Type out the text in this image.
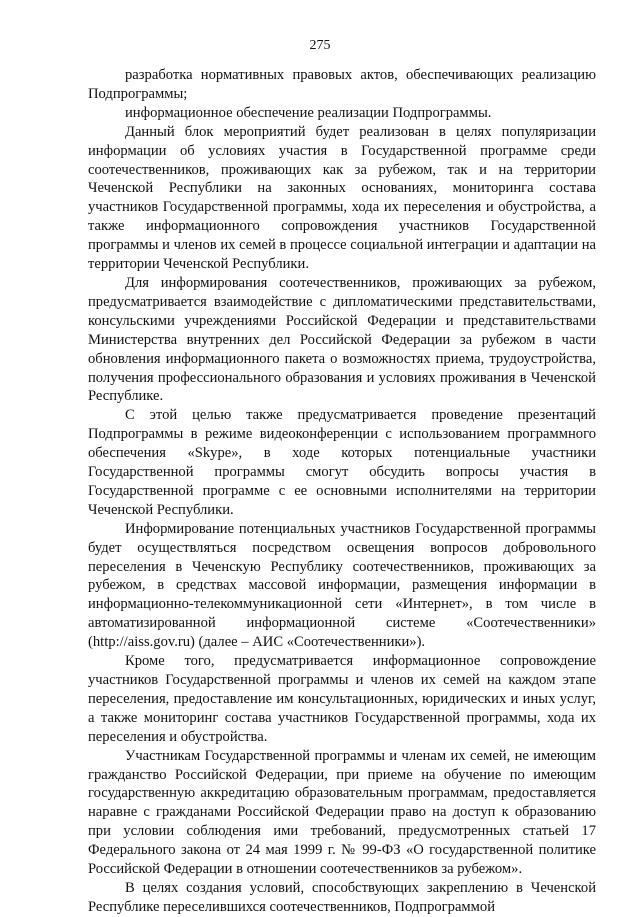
275

разработка нормативных правовых актов, обеспечивающих реализацию Подпрограммы;

информационное обеспечение реализации Подпрограммы.

Данный блок мероприятий будет реализован в целях популяризации информации об условиях участия в Государственной программе среди соотечественников, проживающих как за рубежом, так и на территории Чеченской Республики на законных основаниях, мониторинга состава участников Государственной программы, хода их переселения и обустройства, а также информационного сопровождения участников Государственной программы и членов их семей в процессе социальной интеграции и адаптации на территории Чеченской Республики.

Для информирования соотечественников, проживающих за рубежом, предусматривается взаимодействие с дипломатическими представительствами, консульскими учреждениями Российской Федерации и представительствами Министерства внутренних дел Российской Федерации за рубежом в части обновления информационного пакета о возможностях приема, трудоустройства, получения профессионального образования и условиях проживания в Чеченской Республике.

С этой целью также предусматривается проведение презентаций Подпрограммы в режиме видеоконференции с использованием программного обеспечения «Skype», в ходе которых потенциальные участники Государственной программы смогут обсудить вопросы участия в Государственной программе с ее основными исполнителями на территории Чеченской Республики.

Информирование потенциальных участников Государственной программы будет осуществляться посредством освещения вопросов добровольного переселения в Чеченскую Республику соотечественников, проживающих за рубежом, в средствах массовой информации, размещения информации в информационно-телекоммуникационной сети «Интернет», в том числе в автоматизированной информационной системе «Соотечественники» (http://aiss.gov.ru) (далее – АИС «Соотечественники»).

Кроме того, предусматривается информационное сопровождение участников Государственной программы и членов их семей на каждом этапе переселения, предоставление им консультационных, юридических и иных услуг, а также мониторинг состава участников Государственной программы, хода их переселения и обустройства.

Участникам Государственной программы и членам их семей, не имеющим гражданство Российской Федерации, при приеме на обучение по имеющим государственную аккредитацию образовательным программам, предоставляется наравне с гражданами Российской Федерации право на доступ к образованию при условии соблюдения ими требований, предусмотренных статьей 17 Федерального закона от 24 мая 1999 г. № 99-ФЗ «О государственной политике Российской Федерации в отношении соотечественников за рубежом».

В целях создания условий, способствующих закреплению в Чеченской Республике переселившихся соотечественников, Подпрограммой
